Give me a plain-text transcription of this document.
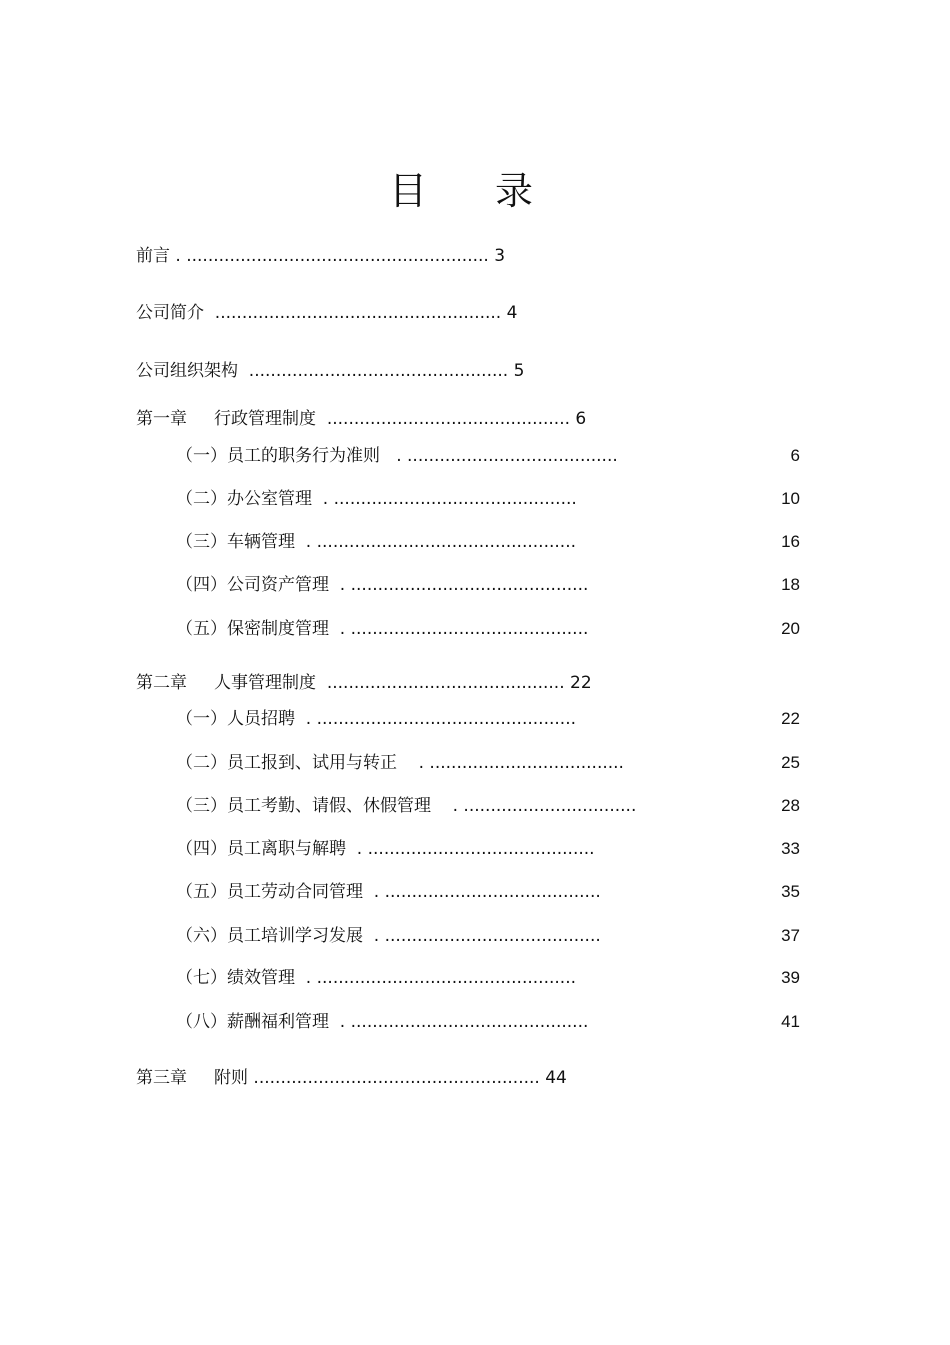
目 录
前言 . ........................................................ 3
公司简介  ..................................................... 4
公司组织架构  ................................................ 5
第一章     行政管理制度  ............................................. 6
（一）员工的职务行为准则   . .......................................	6
（二）办公室管理  . .............................................	10
（三）车辆管理  . ................................................	16
（四）公司资产管理  . ............................................	18
（五）保密制度管理  . ............................................	20
第二章     人事管理制度  ............................................ 22
（一）人员招聘  . ................................................	22
（二）员工报到、试用与转正    . ....................................	25
（三）员工考勤、请假、休假管理    . ................................	28
（四）员工离职与解聘  . ..........................................	33
（五）员工劳动合同管理  . ........................................	35
（六）员工培训学习发展  . ........................................	37
（七）绩效管理  . ................................................	39
（八）薪酬福利管理  . ............................................	41
第三章     附则 ..................................................... 44
